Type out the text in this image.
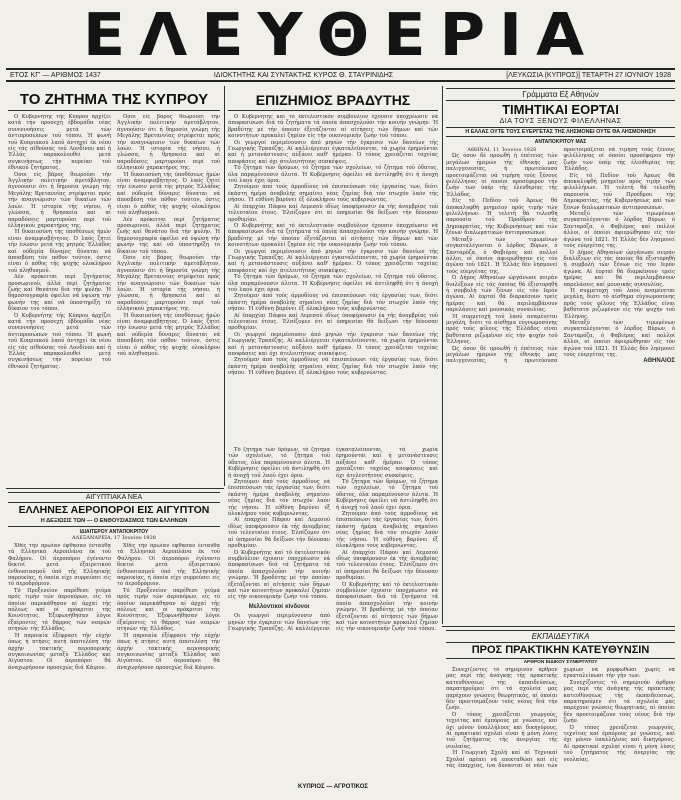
ΕΛΕΥΘΕΡΙΑ
ΕΤΟΣ ΚΓ' — ΑΡΙΘΜΟΣ 1437	ΙΔΙΟΚΤΗΤΗΣ ΚΑΙ ΣΥΝΤΑΚΤΗΣ ΚΥΡΟΣ Θ. ΣΤΑΥΡΙΝΙΔΗΣ	[ΛΕΥΚΩΣΙΑ (ΚΥΠΡΟΣ)] ΤΕΤΑΡΤΗ 27 ΙΟΥΝΙΟΥ 1928
ΤΟ ΖΗΤΗΜΑ ΤΗΣ ΚΥΠΡΟΥ

Ό Κυβερνήτης τής Κύπρου άρχίζει κατά τήν προσεχή έβδομάδα νέας συνεννοήσεις μετά τών άντιπροσώπων τοϋ τόπου. Ή φωνή τοϋ Κυπριακού λαοϋ άντηχεί έκ νέου είς τάς αίθούσας τοϋ Λονδίνου καί ή Έλλάς παρακολουθεί μετά συγκινήσεως τήν πορείαν τοϋ έθνικοϋ ζητήματος.

Όσοι είς βάρος θεωροϋσι τήν Άγγλικήν πολιτικήν άμετάβλητον, άγνοοϋσιν ότι ή δημοσία γνώμη τής Μεγάλης Βρεταννίας στρέφεται πρός τήν αναγνώρισιν τών δικαίων τών λαών. Ή ιστορία τής νήσου, ή γλώσσα, ή θρησκεία καί αί παραδόσεις μαρτυροϋσι περί τοϋ έλληνικοϋ χαρακτήρος της.

Ή δικαιοσύνη τής ύποθέσεως ήμών είναι άναμφισβήτητος. Ό λαός ζητεί τήν ένωσιν μετά τής μητρός Έλλάδος καί ούδεμία δύναμις δύναται νά άποσβέση τόν πόθον τοϋτον, όστις είναι ό πόθος τής ψυχής ολοκλήρου τοϋ πληθυσμοϋ.

Δέν πρόκειται περί ζητήματος προσωρινοϋ, άλλά περί ζητήματος ζωής καί θανάτου διά τήν φυλήν. Ή δημοσιογραφία όφείλει νά ύψώση τήν φωνήν της καί νά ύποστηρίξη τό δίκαιον τοϋ τόπου.

Ό Κυβερνήτης τής Κύπρου άρχίζει κατά τήν προσεχή έβδομάδα νέας συνεννοήσεις μετά τών άντιπροσώπων τοϋ τόπου. Ή φωνή τοϋ Κυπριακού λαοϋ άντηχεί έκ νέου είς τάς αίθούσας τοϋ Λονδίνου καί ή Έλλάς παρακολουθεί μετά συγκινήσεως τήν πορείαν τοϋ έθνικοϋ ζητήματος.

Όσοι είς βάρος θεωροϋσι τήν Άγγλικήν πολιτικήν άμετάβλητον, άγνοοϋσιν ότι ή δημοσία γνώμη τής Μεγάλης Βρεταννίας στρέφεται πρός τήν αναγνώρισιν τών δικαίων τών λαών. Ή ιστορία τής νήσου, ή γλώσσα, ή θρησκεία καί αί παραδόσεις μαρτυροϋσι περί τοϋ έλληνικοϋ χαρακτήρος της.

Ή δικαιοσύνη τής ύποθέσεως ήμών είναι άναμφισβήτητος. Ό λαός ζητεί τήν ένωσιν μετά τής μητρός Έλλάδος καί ούδεμία δύναμις δύναται νά άποσβέση τόν πόθον τοϋτον, όστις είναι ό πόθος τής ψυχής ολοκλήρου τοϋ πληθυσμοϋ.

Δέν πρόκειται περί ζητήματος προσωρινοϋ, άλλά περί ζητήματος ζωής καί θανάτου διά τήν φυλήν. Ή δημοσιογραφία όφείλει νά ύψώση τήν φωνήν της καί νά ύποστηρίξη τό δίκαιον τοϋ τόπου.

Όσοι είς βάρος θεωροϋσι τήν Άγγλικήν πολιτικήν άμετάβλητον, άγνοοϋσιν ότι ή δημοσία γνώμη τής Μεγάλης Βρεταννίας στρέφεται πρός τήν αναγνώρισιν τών δικαίων τών λαών. Ή ιστορία τής νήσου, ή γλώσσα, ή θρησκεία καί αί παραδόσεις μαρτυροϋσι περί τοϋ έλληνικοϋ χαρακτήρος της.

Ή δικαιοσύνη τής ύποθέσεως ήμών είναι άναμφισβήτητος. Ό λαός ζητεί τήν ένωσιν μετά τής μητρός Έλλάδος καί ούδεμία δύναμις δύναται νά άποσβέση τόν πόθον τοϋτον, όστις είναι ό πόθος τής ψυχής ολοκλήρου τοϋ πληθυσμοϋ.

ΑΙΓΥΠΤΙΑΚΑ ΝΕΑ
ΕΛΛΗΝΕΣ ΑΕΡΟΠΟΡΟΙ ΕΙΣ ΑΙΓΥΠΤΟΝ
Η ΔΕΞΙΩΣΙΣ ΤΩΝ — Ο ΕΝΘΟΥΣΙΑΣΜΟΣ ΤΩΝ ΕΛΛΗΝΩΝ
ΙΔΙΑΙΤΕΡΟΥ ΑΝΤΑΠΟΚΡΙΤΟΥ
ΑΛΕΞΑΝΔΡΕΙΑ, 17 Ίουνίου 1928

Χθές τήν πρωίαν έφθασαν ένταϋθα τά Ελληνικά Αεροπλάνα έκ τοϋ Φαλήρου. Οί άεροπόροι έγένοντο δεκτοί μετά έξαιρετικού ένθουσιασμοϋ ύπό τής Ελληνικής παροικίας, ή όποία είχε συρρεύσει είς τό άεροδρόμιον.

Τό Προξενείον παρέθεσε γεύμα πρός τιμήν τών άεροπόρων, είς τό όποίον παρεκάθησαν αί άρχαί τής πόλεως καί οί πρόκριτοι τής Κοινότητος. Έξεφωνήθησαν λόγοι έξαίροντες τό θάρρος τών νεαρών πτηνών τής Ελλάδος.

Ή παροικία έξέφρασε τήν εύχήν όπως ή πτήσις αυτή άποτελέση τήν άρχήν τακτικής αεροπορικής συγκοινωνίας μεταξύ Έλλάδος καί Αίγύπτου. Οί άεροπόροι θά άναχωρήσουν προσεχώς διά Κάιρον.

Χθές τήν πρωίαν έφθασαν ένταϋθα τά Ελληνικά Αεροπλάνα έκ τοϋ Φαλήρου. Οί άεροπόροι έγένοντο δεκτοί μετά έξαιρετικού ένθουσιασμοϋ ύπό τής Ελληνικής παροικίας, ή όποία είχε συρρεύσει είς τό άεροδρόμιον.

Τό Προξενείον παρέθεσε γεύμα πρός τιμήν τών άεροπόρων, είς τό όποίον παρεκάθησαν αί άρχαί τής πόλεως καί οί πρόκριτοι τής Κοινότητος. Έξεφωνήθησαν λόγοι έξαίροντες τό θάρρος τών νεαρών πτηνών τής Ελλάδος.

Ή παροικία έξέφρασε τήν εύχήν όπως ή πτήσις αυτή άποτελέση τήν άρχήν τακτικής αεροπορικής συγκοινωνίας μεταξύ Έλλάδος καί Αίγύπτου. Οί άεροπόροι θά άναχωρήσουν προσεχώς διά Κάιρον.

ΕΠΙΖΗΜΙΟΣ ΒΡΑΔΥΤΗΣ

Ό Κυβερνήτης καί τό έκτελεστικόν συμβούλιον έχουσιν ύποχρέωσιν νά άποφασίσωσι διά τά ζητήματα τά όποία άπασχολοϋσι τήν κοινήν γνώμην. Ή βραδύτης μέ τήν όποίαν έξετάζονται αί αίτήσεις τών δήμων καί τών κοινοτήτων προκαλεί ζημίαν είς τήν οικονομικήν ζωήν τοϋ τόπου.

Οι γεωργοί περιμένουσιν άπό μηνών τήν έγκρισιν τών δανείων τής Γεωργικής Τραπέζης. Αί καλλιέργειαι έγκαταλείπονται, τά χωρία έρημοϋνται καί ή μετανάστευσις αύξάνει καθ' ήμέραν. Ό τόπος χρειάζεται ταχείας αποφάσεις καί όχι άτελευτήτους συσκέψεις.

Τό ζήτημα τών δρόμων, τό ζήτημα τών σχολείων, τό ζήτημα τοϋ ύδατος, όλα παραμένουσιν άλυτα. Ή Κυβέρνησις όφείλει νά άντιληφθή ότι ή άνοχή τοϋ λαοϋ έχει όρια.

Ζητοϋμεν άπό τούς άρμοδίους νά έπισπεύσωσι τάς έργασίας των, διότι έκάστη ήμέρα άναβολής σημαίνει νέας ζημίας διά τόν πτωχόν λαόν τής νήσου. Ή εύθύνη βαρύνει έξ όλοκλήρου τούς κυβερνώντας.

Αί έπαρχίαι Πάφου καί Λεμεσού ιδίως ύποφέρουσιν έκ τής άνομβρίας τοϋ τελευταίου έτους. Έλπίζομεν ότι αί ύπηρεσίαι θά δείξωσι τήν δέουσαν προθυμίαν.

Ό Κυβερνήτης καί τό έκτελεστικόν συμβούλιον έχουσιν ύποχρέωσιν νά άποφασίσωσι διά τά ζητήματα τά όποία άπασχολοϋσι τήν κοινήν γνώμην. Ή βραδύτης μέ τήν όποίαν έξετάζονται αί αίτήσεις τών δήμων καί τών κοινοτήτων προκαλεί ζημίαν είς τήν οικονομικήν ζωήν τοϋ τόπου.

Οι γεωργοί περιμένουσιν άπό μηνών τήν έγκρισιν τών δανείων τής Γεωργικής Τραπέζης. Αί καλλιέργειαι έγκαταλείπονται, τά χωρία έρημοϋνται καί ή μετανάστευσις αύξάνει καθ' ήμέραν. Ό τόπος χρειάζεται ταχείας αποφάσεις καί όχι άτελευτήτους συσκέψεις.

Τό ζήτημα τών δρόμων, τό ζήτημα τών σχολείων, τό ζήτημα τοϋ ύδατος, όλα παραμένουσιν άλυτα. Ή Κυβέρνησις όφείλει νά άντιληφθή ότι ή άνοχή τοϋ λαοϋ έχει όρια.

Ζητοϋμεν άπό τούς άρμοδίους νά έπισπεύσωσι τάς έργασίας των, διότι έκάστη ήμέρα άναβολής σημαίνει νέας ζημίας διά τόν πτωχόν λαόν τής νήσου. Ή εύθύνη βαρύνει έξ όλοκλήρου τούς κυβερνώντας.

Αί έπαρχίαι Πάφου καί Λεμεσού ιδίως ύποφέρουσιν έκ τής άνομβρίας τοϋ τελευταίου έτους. Έλπίζομεν ότι αί ύπηρεσίαι θά δείξωσι τήν δέουσαν προθυμίαν.

Οι γεωργοί περιμένουσιν άπό μηνών τήν έγκρισιν τών δανείων τής Γεωργικής Τραπέζης. Αί καλλιέργειαι έγκαταλείπονται, τά χωρία έρημοϋνται καί ή μετανάστευσις αύξάνει καθ' ήμέραν. Ό τόπος χρειάζεται ταχείας αποφάσεις καί όχι άτελευτήτους συσκέψεις.

Ζητοϋμεν άπό τούς άρμοδίους νά έπισπεύσωσι τάς έργασίας των, διότι έκάστη ήμέρα άναβολής σημαίνει νέας ζημίας διά τόν πτωχόν λαόν τής νήσου. Ή εύθύνη βαρύνει έξ όλοκλήρου τούς κυβερνώντας.

Τό ζήτημα τών δρόμων, τό ζήτημα τών σχολείων, τό ζήτημα τοϋ ύδατος, όλα παραμένουσιν άλυτα. Ή Κυβέρνησις όφείλει νά άντιληφθή ότι ή άνοχή τοϋ λαοϋ έχει όρια.

Ζητοϋμεν άπό τούς άρμοδίους νά έπισπεύσωσι τάς έργασίας των, διότι έκάστη ήμέρα άναβολής σημαίνει νέας ζημίας διά τόν πτωχόν λαόν τής νήσου. Ή εύθύνη βαρύνει έξ όλοκλήρου τούς κυβερνώντας.

Αί έπαρχίαι Πάφου καί Λεμεσού ιδίως ύποφέρουσιν έκ τής άνομβρίας τοϋ τελευταίου έτους. Έλπίζομεν ότι αί ύπηρεσίαι θά δείξωσι τήν δέουσαν προθυμίαν.

Ό Κυβερνήτης καί τό έκτελεστικόν συμβούλιον έχουσιν ύποχρέωσιν νά άποφασίσωσι διά τά ζητήματα τά όποία άπασχολοϋσι τήν κοινήν γνώμην. Ή βραδύτης μέ τήν όποίαν έξετάζονται αί αίτήσεις τών δήμων καί τών κοινοτήτων προκαλεί ζημίαν είς τήν οικονομικήν ζωήν τοϋ τόπου.

Μελλοντικοί κίνδυνοι

Οι γεωργοί περιμένουσιν άπό μηνών τήν έγκρισιν τών δανείων τής Γεωργικής Τραπέζης. Αί καλλιέργειαι έγκαταλείπονται, τά χωρία έρημοϋνται καί ή μετανάστευσις αύξάνει καθ' ήμέραν. Ό τόπος χρειάζεται ταχείας αποφάσεις καί όχι άτελευτήτους συσκέψεις.

Τό ζήτημα τών δρόμων, τό ζήτημα τών σχολείων, τό ζήτημα τοϋ ύδατος, όλα παραμένουσιν άλυτα. Ή Κυβέρνησις όφείλει νά άντιληφθή ότι ή άνοχή τοϋ λαοϋ έχει όρια.

Ζητοϋμεν άπό τούς άρμοδίους νά έπισπεύσωσι τάς έργασίας των, διότι έκάστη ήμέρα άναβολής σημαίνει νέας ζημίας διά τόν πτωχόν λαόν τής νήσου. Ή εύθύνη βαρύνει έξ όλοκλήρου τούς κυβερνώντας.

Αί έπαρχίαι Πάφου καί Λεμεσού ιδίως ύποφέρουσιν έκ τής άνομβρίας τοϋ τελευταίου έτους. Έλπίζομεν ότι αί ύπηρεσίαι θά δείξωσι τήν δέουσαν προθυμίαν.

Ό Κυβερνήτης καί τό έκτελεστικόν συμβούλιον έχουσιν ύποχρέωσιν νά άποφασίσωσι διά τά ζητήματα τά όποία άπασχολοϋσι τήν κοινήν γνώμην. Ή βραδύτης μέ τήν όποίαν έξετάζονται αί αίτήσεις τών δήμων καί τών κοινοτήτων προκαλεί ζημίαν είς τήν οικονομικήν ζωήν τοϋ τόπου.

ΚΥΠΡΙΟΣ — ΑΓΡΟΤΙΚΟΣ
Γράμματα Εξ Αθηνών
ΤΙΜΗΤΙΚΑΙ ΕΟΡΤΑΙ
ΔΙΑ ΤΟΥΣ ΞΕΝΟΥΣ ΦΙΛΕΛΛΗΝΑΣ
Η ΕΛΛΑΣ ΟΥΤΕ ΤΟΥΣ ΕΥΕΡΓΕΤΑΣ ΤΗΣ ΛΗΣΜΟΝΕΙ ΟΥΤΕ ΘΑ ΛΗΣΜΟΝΗΣΗ
ΑΝΤΑΠΟΚΡΙΤΟΥ ΜΑΣ
ΑΘΗΝΑΙ, 11 Ίουνίου 1928

Ώς όσον δέ προωθή ή έπέτειος τών μεγάλων ήμερών τής έθνικής μας παλιγγενεσίας, ή πρωτεύουσα προετοιμάζεται νά τιμήση τούς ξένους φιλέλληνας οί όποίοι προσέφερον τήν ζωήν των ύπέρ τής έλευθερίας τής Έλλάδος.

Είς τό Πεδίον τοϋ Άρεως θά άποκαλυφθή μνημείον πρός τιμήν τών φιλελλήνων. Ή τελετή θά τελεσθή παρουσία τοϋ Προέδρου τής Δημοκρατίας, τής Κυβερνήσεως καί τών ξένων διπλωματικών άντιπροσώπων.

Μεταξύ τών τιμωμένων συγκαταλέγονται ό λόρδος Βύρων, ό Σανταρόζα, ό Φαβιέρος καί πολλοί άλλοι, οί όποίοι άφιερώθησαν είς τόν άγώνα τοϋ 1821. Ή Έλλάς δέν λησμονεί τούς εύεργέτας της.

Ό Δήμος Αθηναίων ώργάνωσε σειράν διαλέξεων είς τάς όποίας θά έξιστορηθή ή συμβολή τών ξένων είς τόν Ιερόν άγώνα. Αί έορταί θά διαρκέσουν τρείς ήμέρας καί θά περιλαμβάνουν παρελάσεις καί μουσικάς συναυλίας.

Ή συμμετοχή τοϋ λαοϋ αναμένεται μεγάλη, διότι τό αίσθημα εύγνωμοσύνης πρός τούς φίλους τής Έλλάδος είναι βαθύτατα ριζωμένον είς τήν ψυχήν τοϋ Έλληνος.

Ώς όσον δέ προωθή ή έπέτειος τών μεγάλων ήμερών τής έθνικής μας παλιγγενεσίας, ή πρωτεύουσα προετοιμάζεται νά τιμήση τούς ξένους φιλέλληνας οί όποίοι προσέφερον τήν ζωήν των ύπέρ τής έλευθερίας τής Έλλάδος.

Είς τό Πεδίον τοϋ Άρεως θά άποκαλυφθή μνημείον πρός τιμήν τών φιλελλήνων. Ή τελετή θά τελεσθή παρουσία τοϋ Προέδρου τής Δημοκρατίας, τής Κυβερνήσεως καί τών ξένων διπλωματικών άντιπροσώπων.

Μεταξύ τών τιμωμένων συγκαταλέγονται ό λόρδος Βύρων, ό Σανταρόζα, ό Φαβιέρος καί πολλοί άλλοι, οί όποίοι άφιερώθησαν είς τόν άγώνα τοϋ 1821. Ή Έλλάς δέν λησμονεί τούς εύεργέτας της.

Ό Δήμος Αθηναίων ώργάνωσε σειράν διαλέξεων είς τάς όποίας θά έξιστορηθή ή συμβολή τών ξένων είς τόν Ιερόν άγώνα. Αί έορταί θά διαρκέσουν τρείς ήμέρας καί θά περιλαμβάνουν παρελάσεις καί μουσικάς συναυλίας.

Ή συμμετοχή τοϋ λαοϋ αναμένεται μεγάλη, διότι τό αίσθημα εύγνωμοσύνης πρός τούς φίλους τής Έλλάδος είναι βαθύτατα ριζωμένον είς τήν ψυχήν τοϋ Έλληνος.

Μεταξύ τών τιμωμένων συγκαταλέγονται ό λόρδος Βύρων, ό Σανταρόζα, ό Φαβιέρος καί πολλοί άλλοι, οί όποίοι άφιερώθησαν είς τόν άγώνα τοϋ 1821. Ή Έλλάς δέν λησμονεί τούς εύεργέτας της.

ΑΘΗΝΑΙΟΣ
ΕΚΠΑΙΔΕΥΤΙΚΑ
ΠΡΟΣ ΠΡΑΚΤΙΚΗΝ ΚΑΤΕΥΘΥΝΣΙΝ
ΑΡΘΡΟΝ ΕΙΔΙΚΟΥ ΣΥΝΕΡΓΑΤΟΥ

Συνεχίζοντες τό σημερινόν άρθρον μας περί τής άνάγκης τής πρακτικής κατευθύνσεως τής έκπαιδεύσεως, παρατηροϋμεν ότι τά σχολεία μας παρέχουν γνώσεις θεωρητικάς, αί όποίαι δέν προετοιμάζουν τούς νέους διά τήν ζωήν.

Ό τόπος χρειάζεται γεωργούς, τεχνίτας καί έμπόρους μέ γνώσεις, καί όχι μόνον ύπαλλήλους καί δικηγόρους. Αί πρακτικαί σχολαί είναι ή μόνη λύσις τοϋ ζητήματος τής άνεργίας τής νεολαίας.

Ή Γεωργική Σχολή καί αί Τεχνικαί Σχολαί πρέπει νά επεκταθώσι καί είς τάς έπαρχίας, ίνα δύνανται οί νέοι τών χωρίων νά μορφωθώσι χωρίς νά έγκαταλείπωσι τήν γήν των.

Συνεχίζοντες τό σημερινόν άρθρον μας περί τής άνάγκης τής πρακτικής κατευθύνσεως τής έκπαιδεύσεως, παρατηροϋμεν ότι τά σχολεία μας παρέχουν γνώσεις θεωρητικάς, αί όποίαι δέν προετοιμάζουν τούς νέους διά τήν ζωήν.

Ό τόπος χρειάζεται γεωργούς, τεχνίτας καί έμπόρους μέ γνώσεις, καί όχι μόνον ύπαλλήλους καί δικηγόρους. Αί πρακτικαί σχολαί είναι ή μόνη λύσις τοϋ ζητήματος τής άνεργίας τής νεολαίας.
